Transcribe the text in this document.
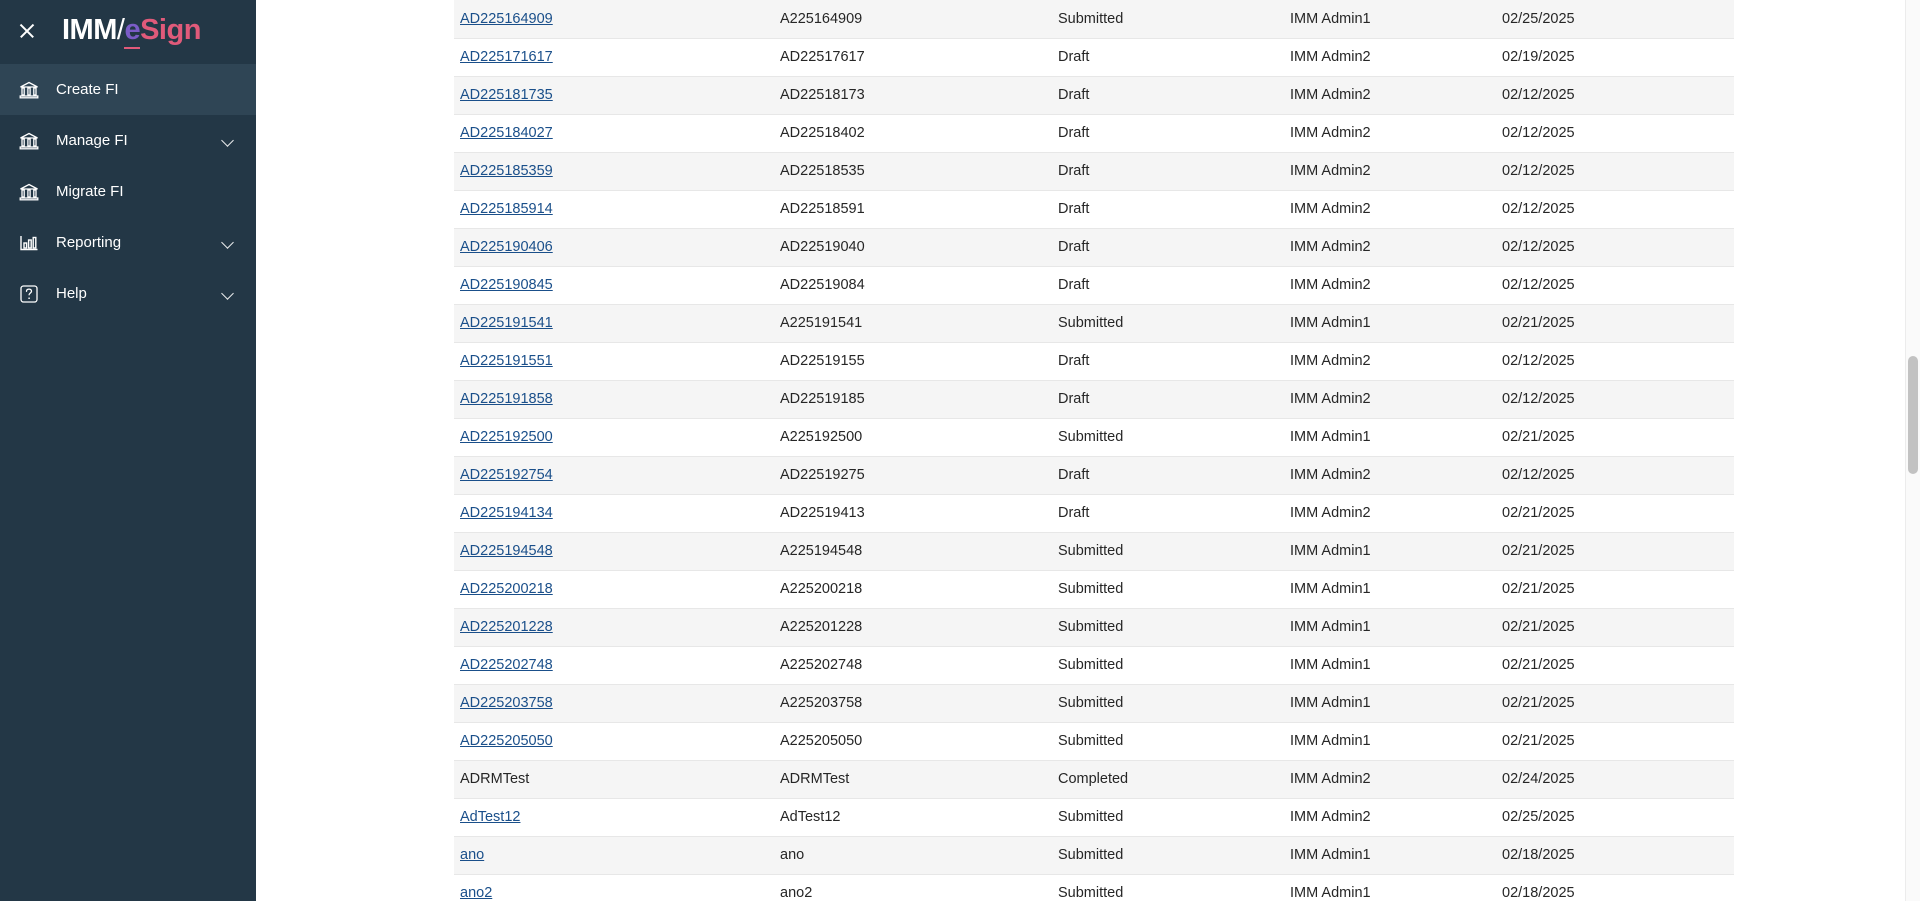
IMM / e Sign
Create FI
Manage FI
Migrate FI
Reporting
Help
AD225164909	A225164909	Submitted	IMM Admin1	02/25/2025
AD225171617	AD22517617	Draft	IMM Admin2	02/19/2025
AD225181735	AD22518173	Draft	IMM Admin2	02/12/2025
AD225184027	AD22518402	Draft	IMM Admin2	02/12/2025
AD225185359	AD22518535	Draft	IMM Admin2	02/12/2025
AD225185914	AD22518591	Draft	IMM Admin2	02/12/2025
AD225190406	AD22519040	Draft	IMM Admin2	02/12/2025
AD225190845	AD22519084	Draft	IMM Admin2	02/12/2025
AD225191541	A225191541	Submitted	IMM Admin1	02/21/2025
AD225191551	AD22519155	Draft	IMM Admin2	02/12/2025
AD225191858	AD22519185	Draft	IMM Admin2	02/12/2025
AD225192500	A225192500	Submitted	IMM Admin1	02/21/2025
AD225192754	AD22519275	Draft	IMM Admin2	02/12/2025
AD225194134	AD22519413	Draft	IMM Admin2	02/21/2025
AD225194548	A225194548	Submitted	IMM Admin1	02/21/2025
AD225200218	A225200218	Submitted	IMM Admin1	02/21/2025
AD225201228	A225201228	Submitted	IMM Admin1	02/21/2025
AD225202748	A225202748	Submitted	IMM Admin1	02/21/2025
AD225203758	A225203758	Submitted	IMM Admin1	02/21/2025
AD225205050	A225205050	Submitted	IMM Admin1	02/21/2025
ADRMTest	ADRMTest	Completed	IMM Admin2	02/24/2025
AdTest12	AdTest12	Submitted	IMM Admin2	02/25/2025
ano	ano	Submitted	IMM Admin1	02/18/2025
ano2	ano2	Submitted	IMM Admin1	02/18/2025
